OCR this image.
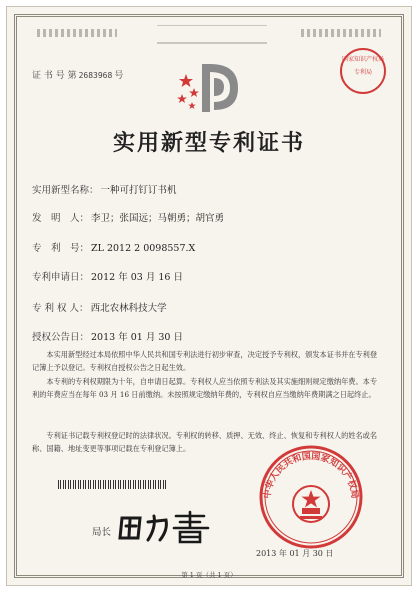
证 书 号 第 2683968 号
国家知识产权局
专利局
实用新型专利证书
实用新型名称： 一种可打钉订书机
发　明　人： 李卫；张国远；马朝勇；胡官勇
专　利　号： ZL 2012 2 0098557.X
专利申请日： 2012 年 03 月 16 日
专 利 权 人： 西北农林科技大学
授权公告日： 2013 年 01 月 30 日

本实用新型经过本局依照中华人民共和国专利法进行初步审查，决定授予专利权，颁发本证书并在专利登记簿上予以登记。专利权自授权公告之日起生效。

本专利的专利权期限为十年，自申请日起算。专利权人应当依照专利法及其实施细则规定缴纳年费。本专利的年费应当在每年 03 月 16 日前缴纳。未按照规定缴纳年费的，专利权自应当缴纳年费期满之日起终止。

专利证书记载专利权登记时的法律状况。专利权的转移、质押、无效、终止、恢复和专利权人的姓名或名称、国籍、地址变更等事项记载在专利登记簿上。

局长
中华人民共和国国家知识产权局
2013 年 01 月 30 日
第 1 页（共 1 页）
